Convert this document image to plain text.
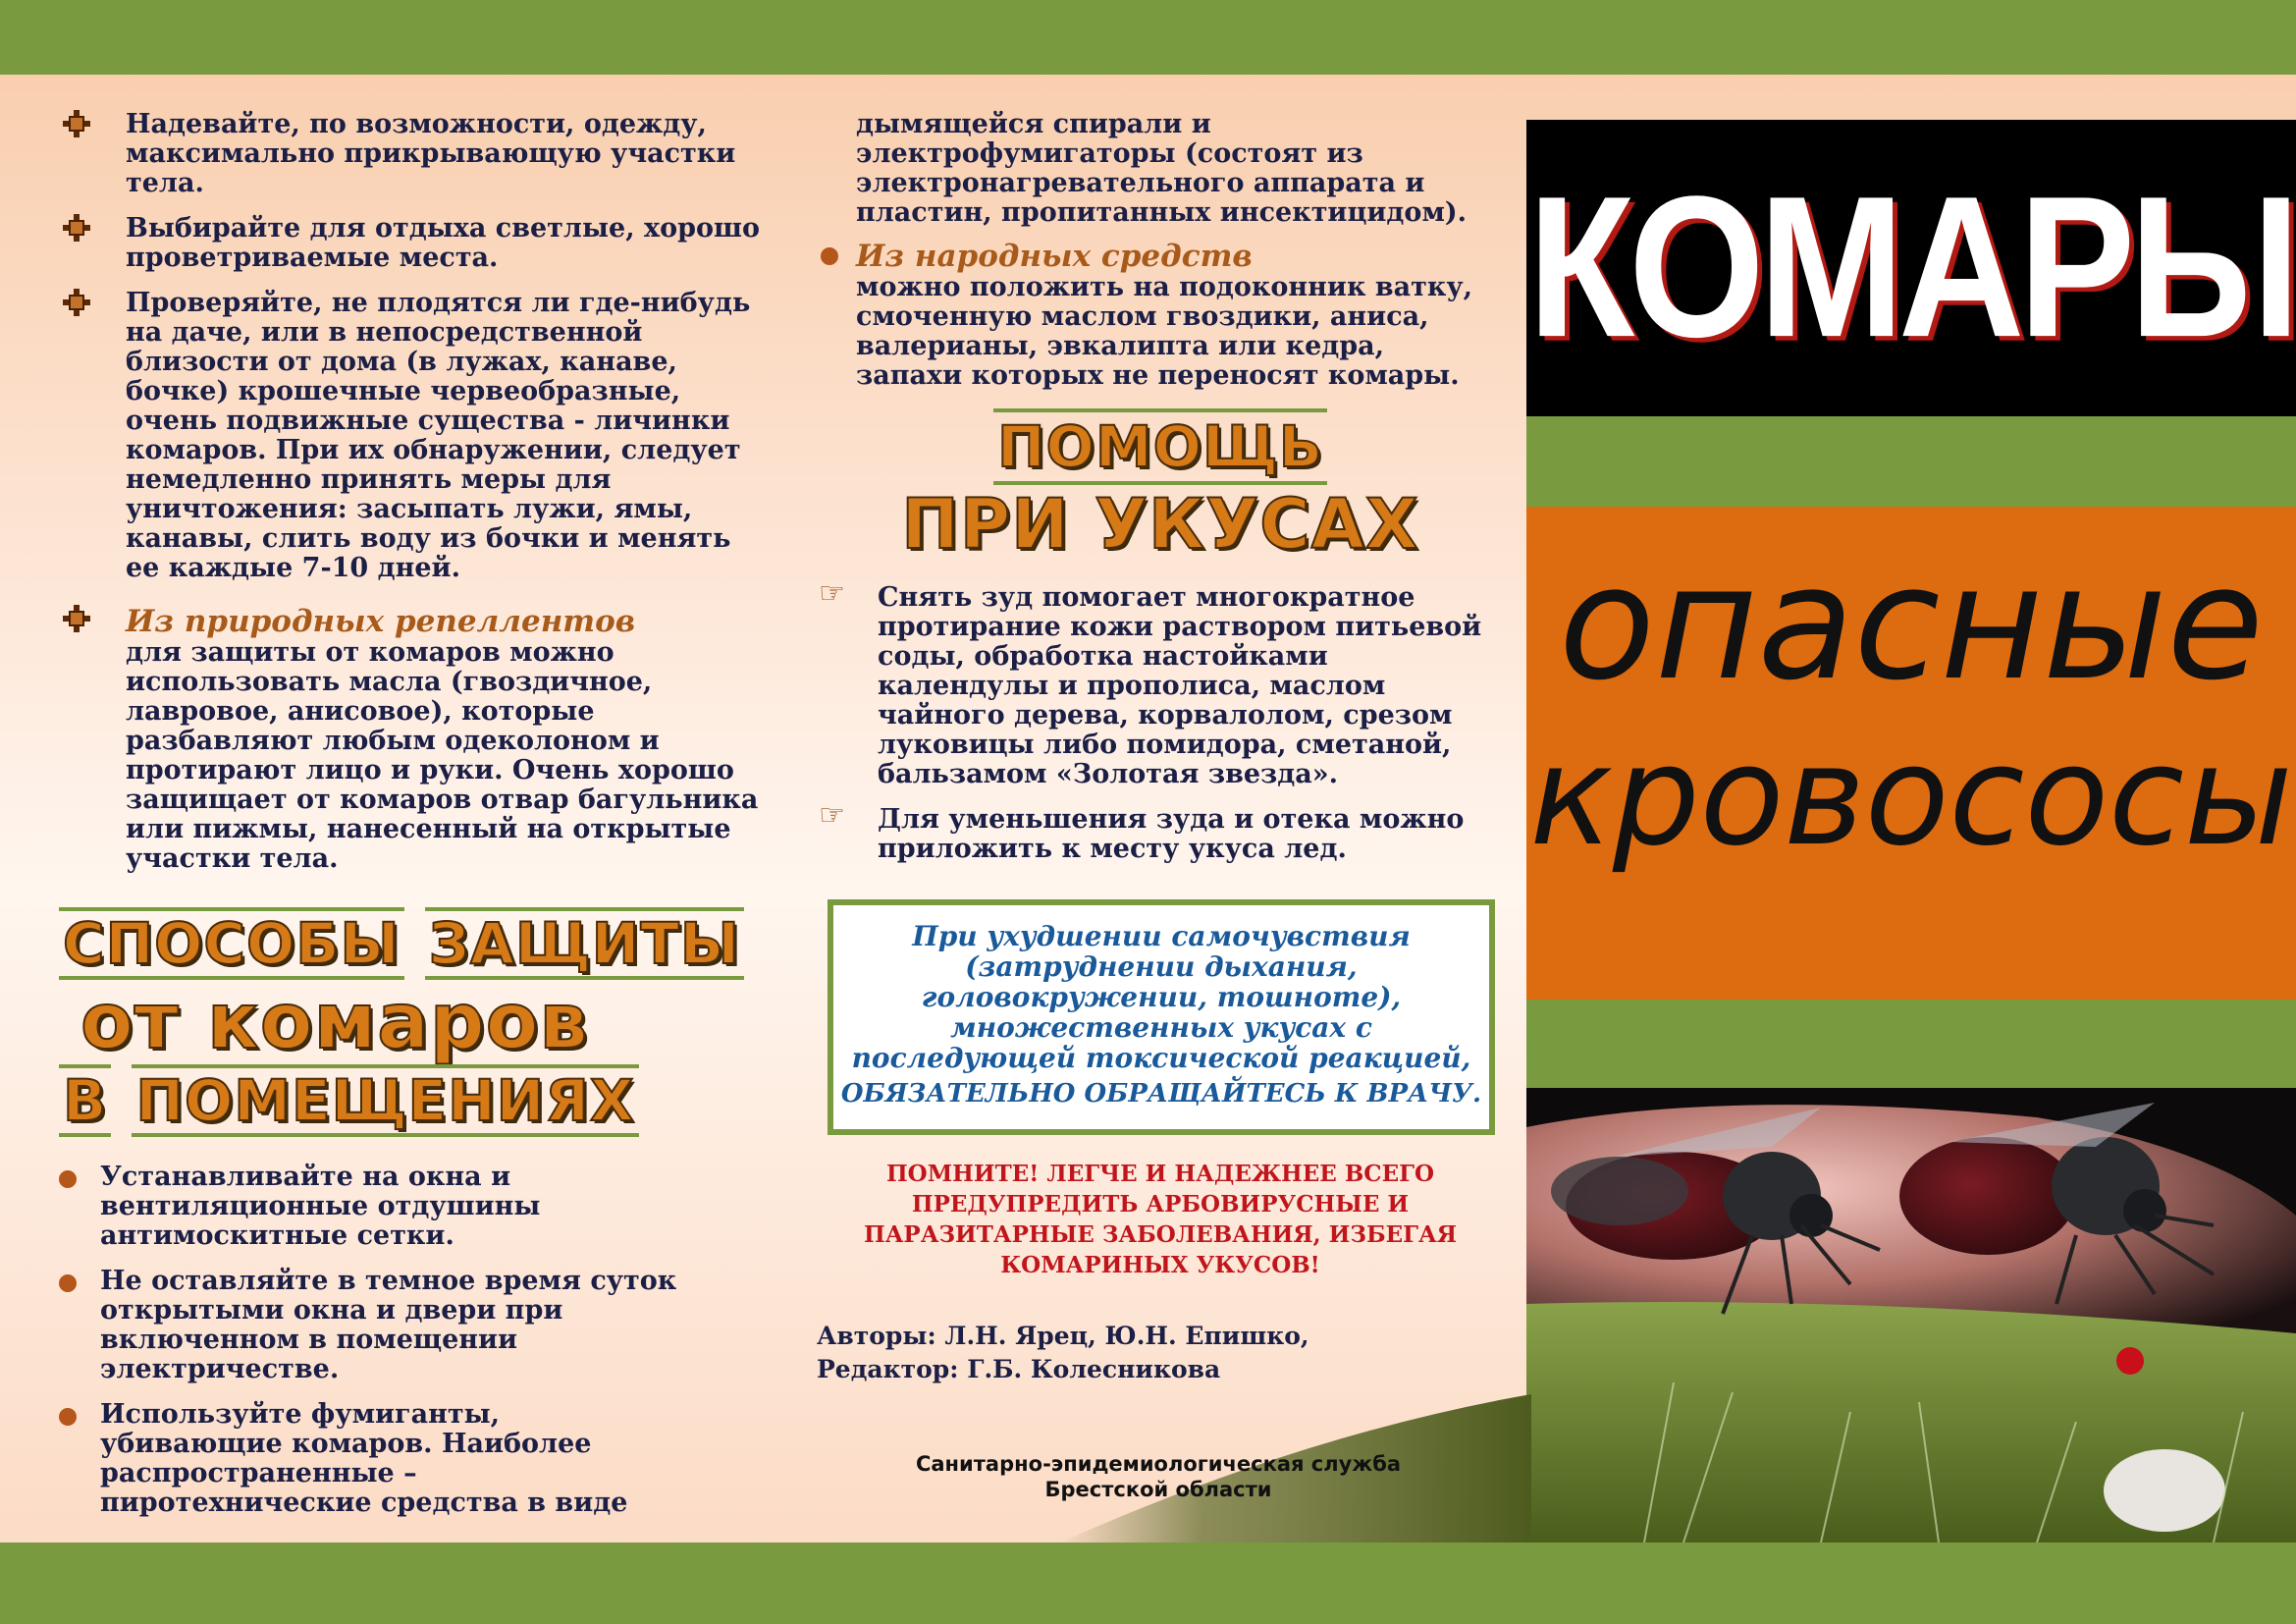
Надевайте, по возможности, одежду, максимально прикрывающую участки тела.
Выбирайте для отдыха светлые, хорошо проветриваемые места.
Проверяйте, не плодятся ли где-нибудь на даче, или в непосредственной близости от дома (в лужах, канаве, бочке) крошечные червеобразные, очень подвижные существа - личинки комаров. При их обнаружении, следует немедленно принять меры для уничтожения: засыпать лужи, ямы, канавы, слить воду из бочки и менять ее каждые 7-10 дней.
Из природных репеллентов
для защиты от комаров можно использовать масла (гвоздичное, лавровое, анисовое), которые разбавляют любым одеколоном и протирают лицо и руки. Очень хорошо защищает от комаров отвар багульника или пижмы, нанесенный на открытые участки тела.
СПОСОБЫ ЗАЩИТЫ
от комаров
В ПОМЕЩЕНИЯХ
Устанавливайте на окна и вентиляционные отдушины антимоскитные сетки.
Не оставляйте в темное время суток открытыми окна и двери при включенном в помещении электричестве.
Используйте фумиганты, убивающие комаров. Наиболее распространенные – пиротехнические средства в виде
дымящейся спирали и электрофумигаторы (состоят из электронагревательного аппарата и пластин, пропитанных инсектицидом).
Из народных средств
можно положить на подоконник ватку, смоченную маслом гвоздики, аниса, валерианы, эвкалипта или кедра, запахи которых не переносят комары.
ПОМОЩЬ
ПРИ УКУСАХ
☞ Снять зуд помогает многократное протирание кожи раствором питьевой соды, обработка настойками календулы и прополиса, маслом чайного дерева, корвалолом, срезом луковицы либо помидора, сметаной, бальзамом «Золотая звезда».
☞ Для уменьшения зуда и отека можно приложить к месту укуса лед.
При ухудшении самочувствия
(затруднении дыхания,
головокружении, тошноте),
множественных укусах с
последующей токсической реакцией,
ОБЯЗАТЕЛЬНО ОБРАЩАЙТЕСЬ К ВРАЧУ.
ПОМНИТЕ! ЛЕГЧЕ И НАДЕЖНЕЕ ВСЕГО
ПРЕДУПРЕДИТЬ АРБОВИРУСНЫЕ И
ПАРАЗИТАРНЫЕ ЗАБОЛЕВАНИЯ, ИЗБЕГАЯ
КОМАРИНЫХ УКУСОВ!
Авторы: Л.Н. Ярец, Ю.Н. Епишко,
Редактор: Г.Б. Колесникова
КОМАРЫ
опасные
кровососы
Санитарно-эпидемиологическая служба
Брестской области
